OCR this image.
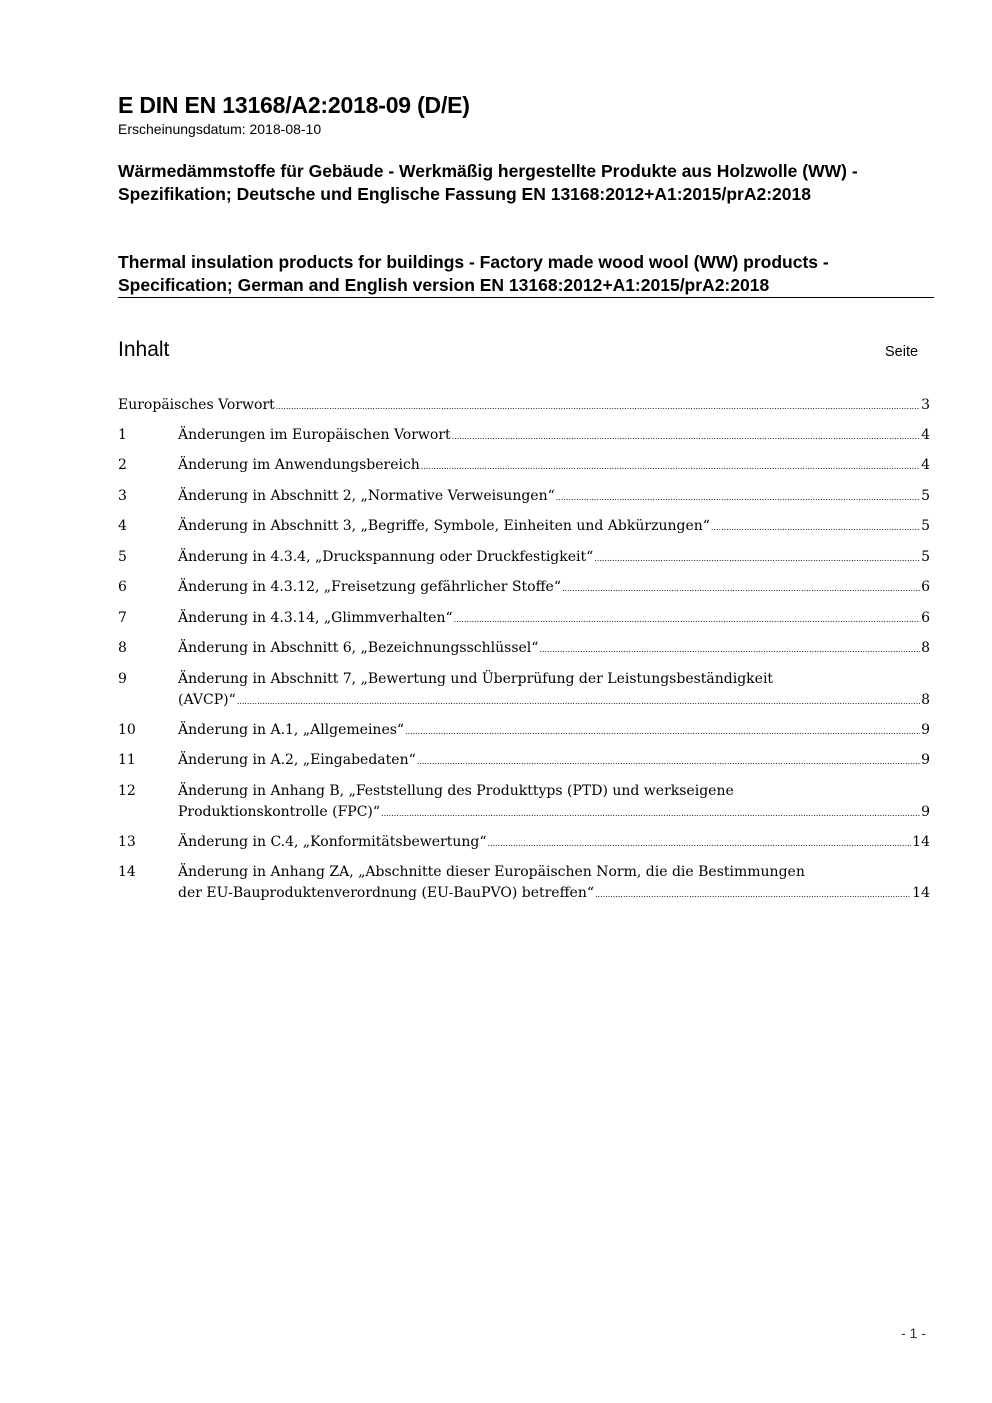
E DIN EN 13168/A2:2018-09 (D/E)
Erscheinungsdatum: 2018-08-10
Wärmedämmstoffe für Gebäude - Werkmäßig hergestellte Produkte aus Holzwolle (WW) - Spezifikation; Deutsche und Englische Fassung EN 13168:2012+A1:2015/prA2:2018
Thermal insulation products for buildings - Factory made wood wool (WW) products - Specification; German and English version EN 13168:2012+A1:2015/prA2:2018
Inhalt	Seite
Europäisches Vorwort .....	3
1	Änderungen im Europäischen Vorwort .....	4
2	Änderung im Anwendungsbereich .....	4
3	Änderung in Abschnitt 2, „Normative Verweisungen“ .....	5
4	Änderung in Abschnitt 3, „Begriffe, Symbole, Einheiten und Abkürzungen“ .....	5
5	Änderung in 4.3.4, „Druckspannung oder Druckfestigkeit“ .....	5
6	Änderung in 4.3.12, „Freisetzung gefährlicher Stoffe“ .....	6
7	Änderung in 4.3.14, „Glimmverhalten“ .....	6
8	Änderung in Abschnitt 6, „Bezeichnungsschlüssel“ .....	8
9	Änderung in Abschnitt 7, „Bewertung und Überprüfung der Leistungsbeständigkeit
(AVCP)“ .....	8
10	Änderung in A.1, „Allgemeines“ .....	9
11	Änderung in A.2, „Eingabedaten“ .....	9
12	Änderung in Anhang B, „Feststellung des Produkttyps (PTD) und werkseigene
Produktionskontrolle (FPC)“ .....	9
13	Änderung in C.4, „Konformitätsbewertung“ .....	14
14	Änderung in Anhang ZA, „Abschnitte dieser Europäischen Norm, die die Bestimmungen
der EU-Bauproduktenverordnung (EU-BauPVO) betreffen“ .....	14
- 1 -
